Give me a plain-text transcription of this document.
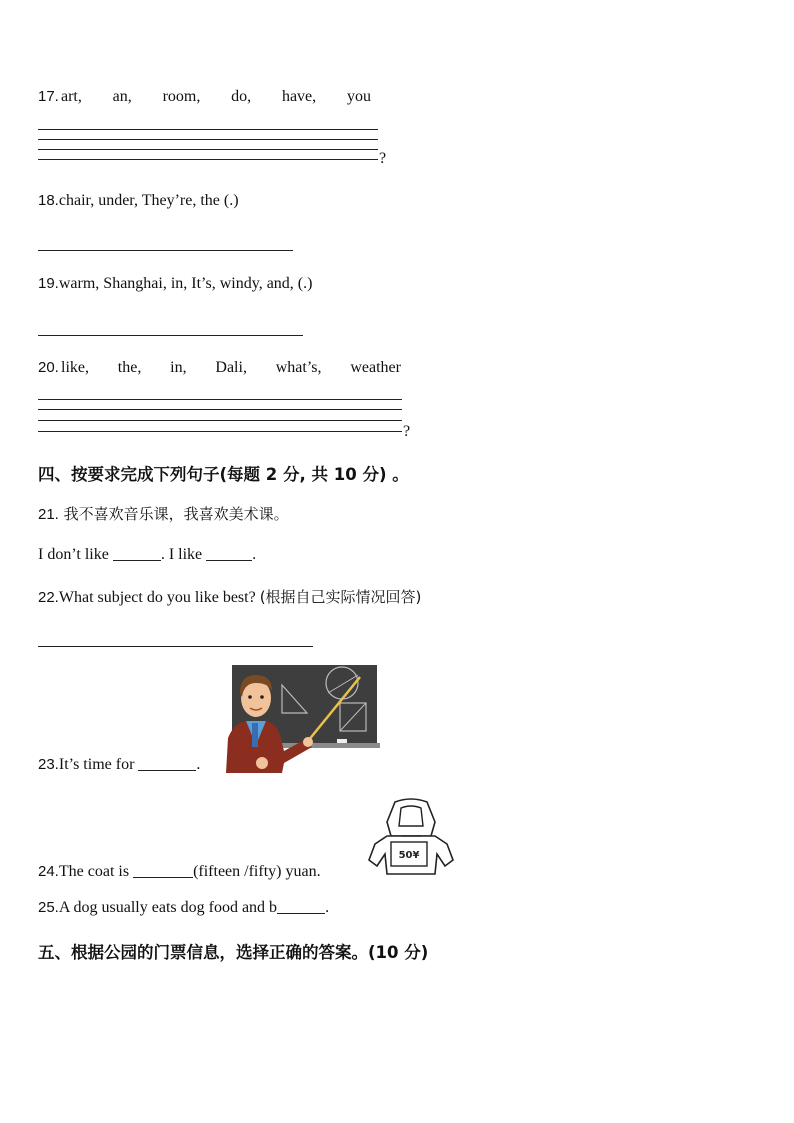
17. art, an, room, do, have, you
?
18.chair, under, They’re, the (.)
19.warm, Shanghai, in, It’s, windy, and, (.)
20. like, the, in, Dali, what’s, weather
?
四、按要求完成下列句子(每题 2 分, 共 10 分) 。
21. 我不喜欢音乐课，我喜欢美术课。
I don’t like	. I like	.
22.What subject do you like best? (根据自己实际情况回答)
23.It’s time for	.
50¥
24.The coat is	(fifteen /fifty) yuan.
25.A dog usually eats dog food and b	.
五、根据公园的门票信息，选择正确的答案。(10 分)
